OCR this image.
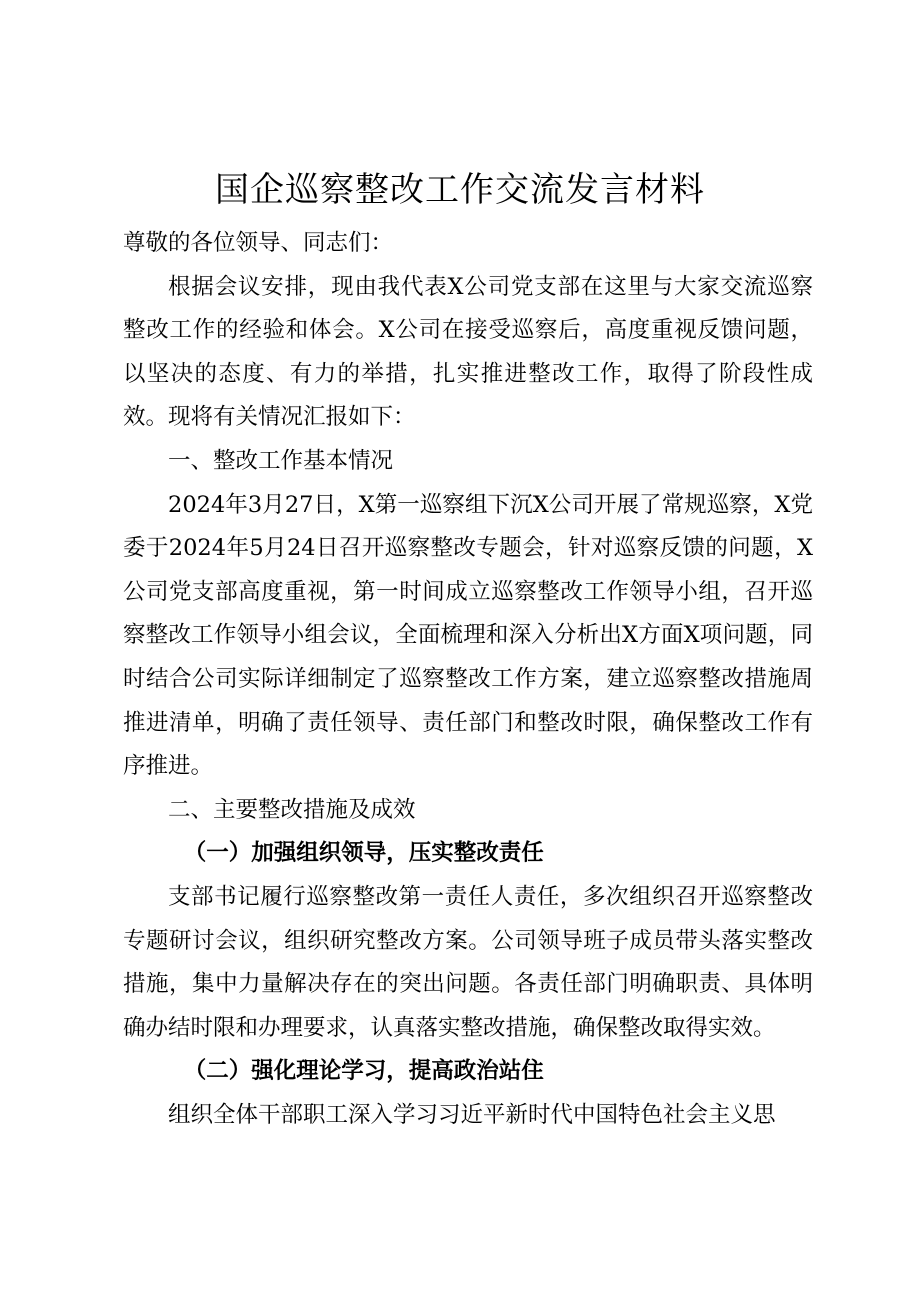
国企巡察整改工作交流发言材料

尊敬的各位领导、同志们：

根据会议安排，现由我代表X公司党支部在这里与大家交流巡察整改工作的经验和体会。X公司在接受巡察后，高度重视反馈问题，以坚决的态度、有力的举措，扎实推进整改工作，取得了阶段性成效。现将有关情况汇报如下：

一、整改工作基本情况

2024年3月27日，X第一巡察组下沉X公司开展了常规巡察，X党委于2024年5月24日召开巡察整改专题会，针对巡察反馈的问题，X公司党支部高度重视，第一时间成立巡察整改工作领导小组，召开巡察整改工作领导小组会议，全面梳理和深入分析出X方面X项问题，同时结合公司实际详细制定了巡察整改工作方案，建立巡察整改措施周推进清单，明确了责任领导、责任部门和整改时限，确保整改工作有序推进。

二、主要整改措施及成效
（一）加强组织领导，压实整改责任

支部书记履行巡察整改第一责任人责任，多次组织召开巡察整改专题研讨会议，组织研究整改方案。公司领导班子成员带头落实整改措施，集中力量解决存在的突出问题。各责任部门明确职责、具体明确办结时限和办理要求，认真落实整改措施，确保整改取得实效。

（二）强化理论学习，提高政治站住

组织全体干部职工深入学习习近平新时代中国特色社会主义思
